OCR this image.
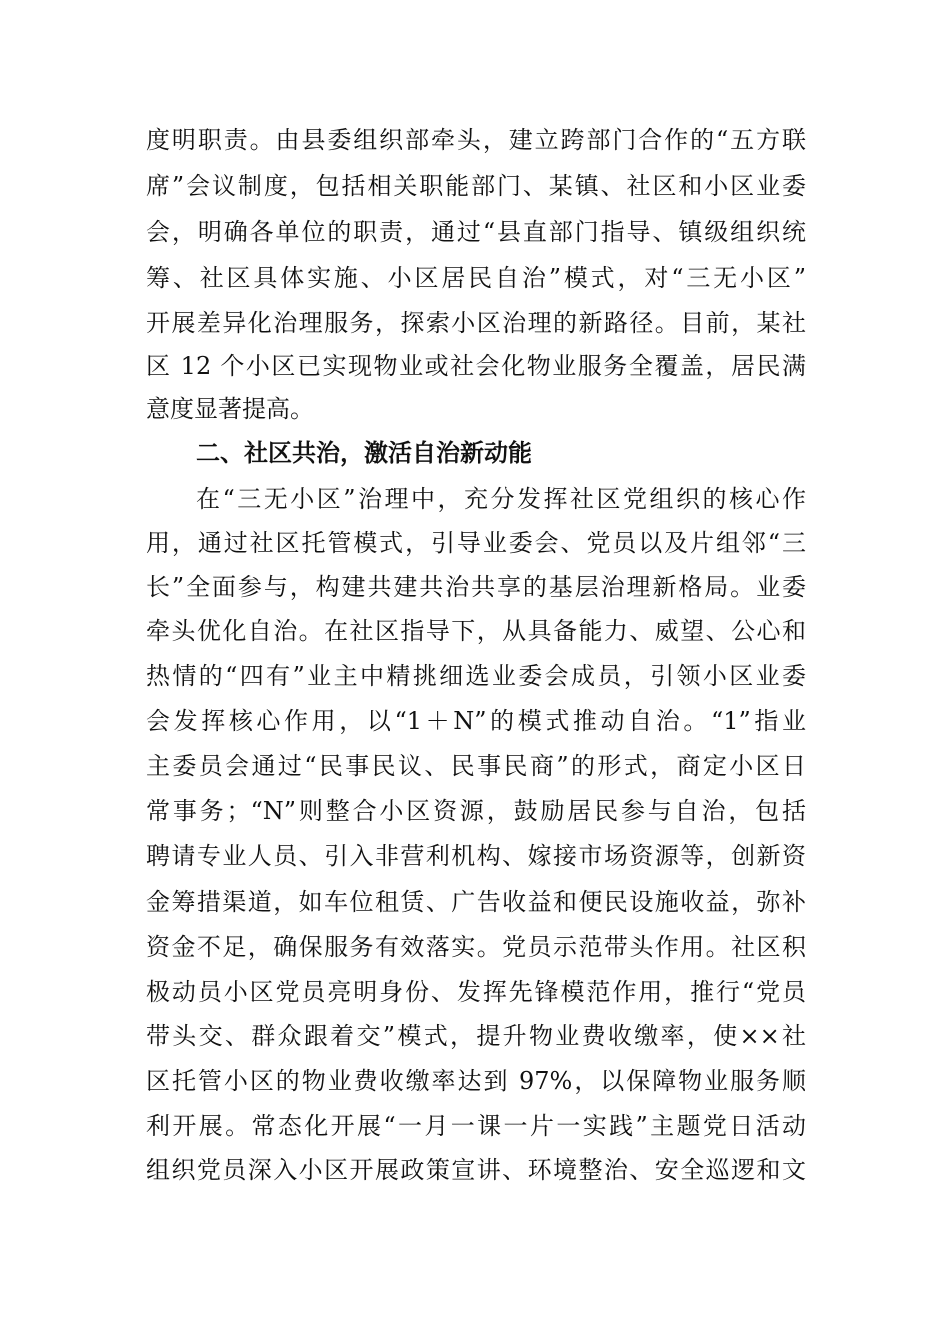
度明职责。由县委组织部牵头，建立跨部门合作的“五方联
席”会议制度，包括相关职能部门、某镇、社区和小区业委
会，明确各单位的职责，通过“县直部门指导、镇级组织统
筹、社区具体实施、小区居民自治”模式，对“三无小区”
开展差异化治理服务，探索小区治理的新路径。目前，某社
区 12 个小区已实现物业或社会化物业服务全覆盖，居民满
意度显著提高。
二、社区共治，激活自治新动能
在“三无小区”治理中，充分发挥社区党组织的核心作
用，通过社区托管模式，引导业委会、党员以及片组邻“三
长”全面参与，构建共建共治共享的基层治理新格局。业委
牵头优化自治。在社区指导下，从具备能力、威望、公心和
热情的“四有”业主中精挑细选业委会成员，引领小区业委
会发挥核心作用，以“1＋N”的模式推动自治。“1”指业
主委员会通过“民事民议、民事民商”的形式，商定小区日
常事务；“N”则整合小区资源，鼓励居民参与自治，包括
聘请专业人员、引入非营利机构、嫁接市场资源等，创新资
金筹措渠道，如车位租赁、广告收益和便民设施收益，弥补
资金不足，确保服务有效落实。党员示范带头作用。社区积
极动员小区党员亮明身份、发挥先锋模范作用，推行“党员
带头交、群众跟着交”模式，提升物业费收缴率，使××社
区托管小区的物业费收缴率达到 97%，以保障物业服务顺
利开展。常态化开展“一月一课一片一实践”主题党日活动
组织党员深入小区开展政策宣讲、环境整治、安全巡逻和文
